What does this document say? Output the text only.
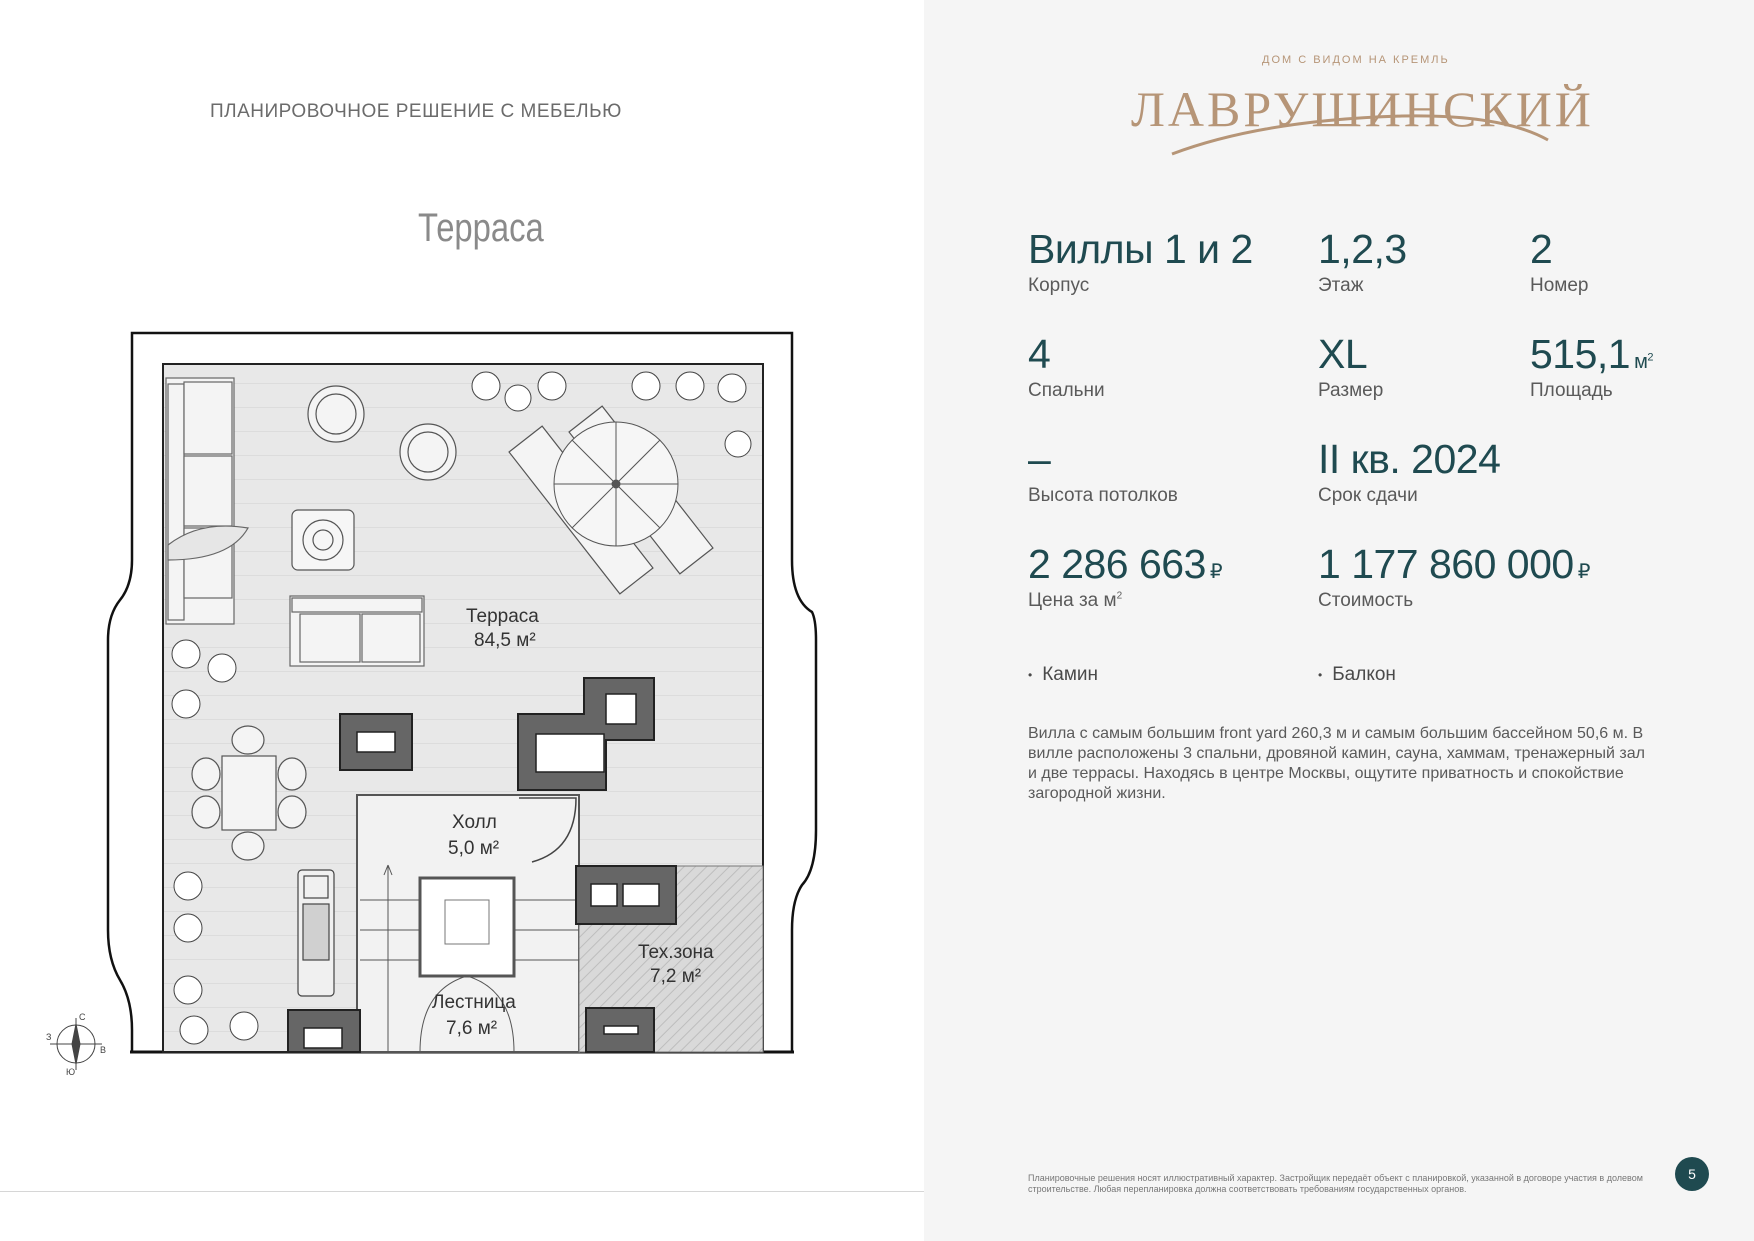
ПЛАНИРОВОЧНОЕ РЕШЕНИЕ С МЕБЕЛЬЮ
Терраса
Терраса
84,5 м²
Холл
5,0 м²
Тех.зона
7,2 м²
Лестница
7,6 м²
С
З
В
Ю
ДОМ С ВИДОМ НА КРЕМЛЬ
ЛАВРУШИНСКИЙ
Виллы 1 и 2
Корпус
1,2,3
Этаж
2
Номер
4
Спальни
XL
Размер
515,1 $м^2$
Площадь
–
Высота потолков
II кв. 2024
Срок сдачи
2 286 663 ₽
Цена за $м^2$
1 177 860 000 ₽
Стоимость
• Камин	• Балкон
Вилла с самым большим front yard 260,3 м и самым большим бассейном 50,6 м. В вилле расположены 3 спальни, дровяной камин, сауна, хаммам, тренажерный зал и две террасы. Находясь в центре Москвы, ощутите приватность и спокойствие загородной жизни.
Планировочные решения носят иллюстративный характер. Застройщик передаёт объект с планировкой, указанной в договоре участия в долевом строительстве. Любая перепланировка должна соответствовать требованиям государственных органов.
5
